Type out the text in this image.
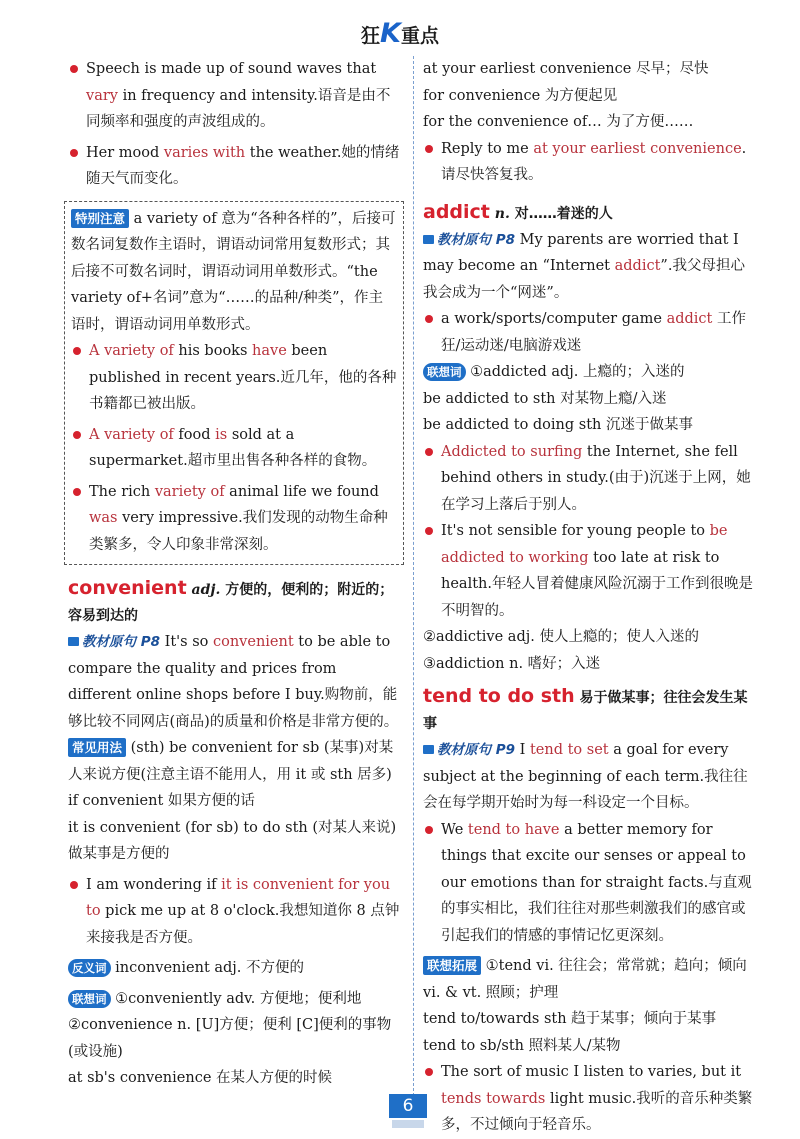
狂K重点
Speech is made up of sound waves that vary in frequency and intensity.语音是由不同频率和强度的声波组成的。
Her mood varies with the weather.她的情绪随天气而变化。
特别注意 a variety of 意为“各种各样的”，后接可数名词复数作主语时，谓语动词常用复数形式；其后接不可数名词时，谓语动词用单数形式。“the variety of+名词”意为“……的品种/种类”，作主语时，谓语动词用单数形式。
A variety of his books have been published in recent years.近几年，他的各种书籍都已被出版。
A variety of food is sold at a supermarket.超市里出售各种各样的食物。
The rich variety of animal life we found was very impressive.我们发现的动物生命种类繁多，令人印象非常深刻。
convenient adj. 方便的，便利的；附近的；容易到达的
教材原句 P8 It's so convenient to be able to compare the quality and prices from different online shops before I buy.购物前，能够比较不同网店(商品)的质量和价格是非常方便的。
常见用法 (sth) be convenient for sb (某事)对某人来说方便(注意主语不能用人，用 it 或 sth 居多)
if convenient 如果方便的话
it is convenient (for sb) to do sth (对某人来说)做某事是方便的
I am wondering if it is convenient for you to pick me up at 8 o'clock.我想知道你 8 点钟来接我是否方便。
反义词 inconvenient adj. 不方便的
联想词 ①conveniently adv. 方便地；便利地
②convenience n. [U]方便；便利 [C]便利的事物(或设施)
at sb's convenience 在某人方便的时候
at your earliest convenience 尽早；尽快
for convenience 为方便起见
for the convenience of… 为了方便……
Reply to me at your earliest convenience.请尽快答复我。
addict n. 对……着迷的人
教材原句 P8 My parents are worried that I may become an “Internet addict”.我父母担心我会成为一个“网迷”。
a work/sports/computer game addict 工作狂/运动迷/电脑游戏迷
联想词 ①addicted adj. 上瘾的；入迷的
be addicted to sth 对某物上瘾/入迷
be addicted to doing sth 沉迷于做某事
Addicted to surfing the Internet, she fell behind others in study.(由于)沉迷于上网，她在学习上落后于别人。
It's not sensible for young people to be addicted to working too late at risk to health.年轻人冒着健康风险沉溺于工作到很晚是不明智的。
②addictive adj. 使人上瘾的；使人入迷的
③addiction n. 嗜好；入迷
tend to do sth 易于做某事；往往会发生某事
教材原句 P9 I tend to set a goal for every subject at the beginning of each term.我往往会在每学期开始时为每一科设定一个目标。
We tend to have a better memory for things that excite our senses or appeal to our emotions than for straight facts.与直观的事实相比，我们往往对那些刺激我们的感官或引起我们的情感的事情记忆更深刻。
联想拓展 ①tend vi. 往往会；常常就；趋向；倾向 vi. & vt. 照顾；护理
tend to/towards sth 趋于某事；倾向于某事
tend to sb/sth 照料某人/某物
The sort of music I listen to varies, but it tends towards light music.我听的音乐种类繁多，不过倾向于轻音乐。
6
